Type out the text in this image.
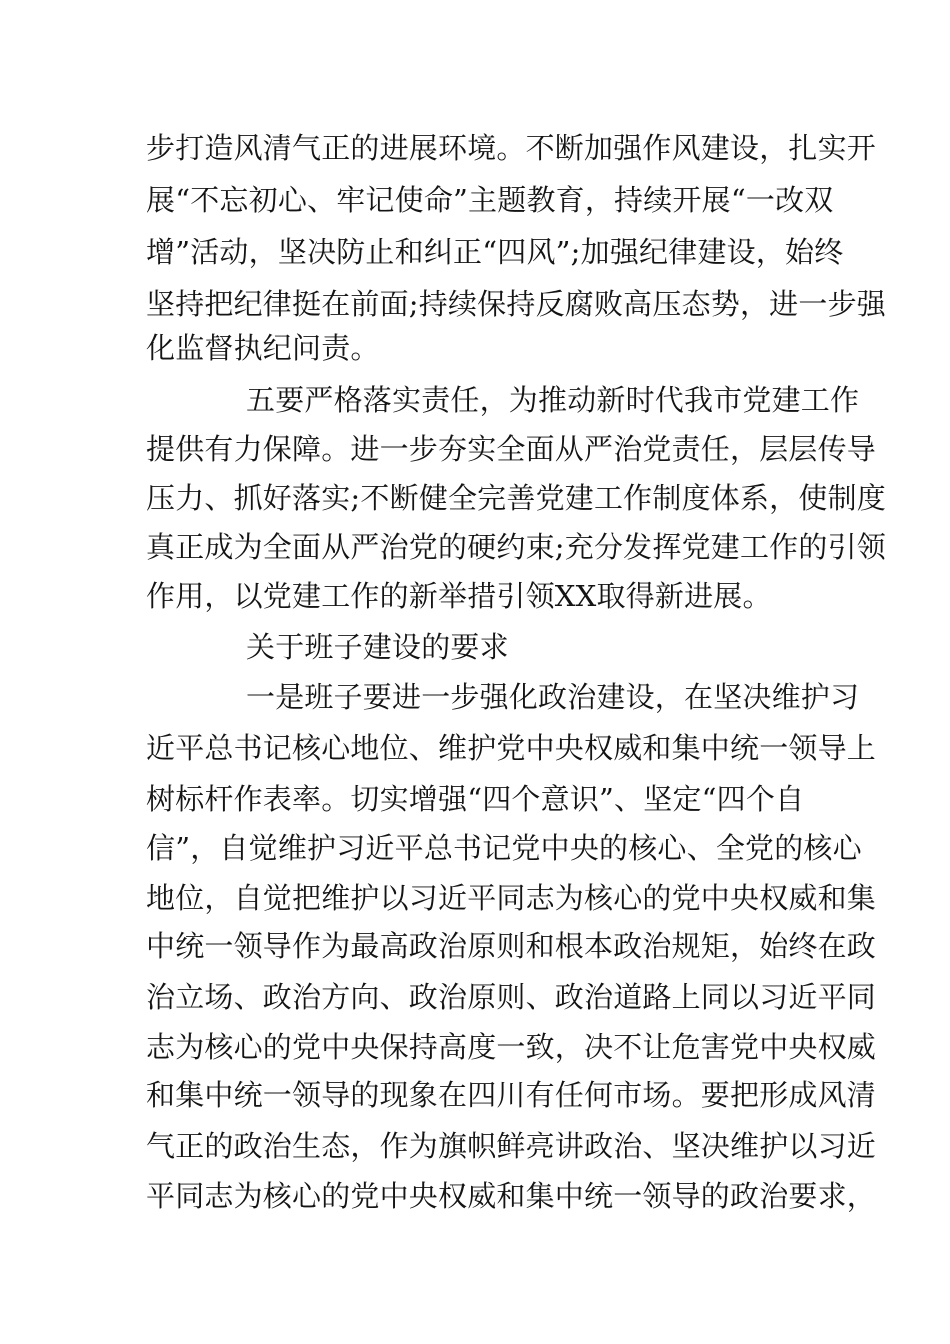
步打造风清气正的进展环境。不断加强作风建设，扎实开
展“不忘初心、牢记使命”主题教育，持续开展“一改双
增”活动，坚决防止和纠正“四风”;加强纪律建设，始终
坚持把纪律挺在前面;持续保持反腐败高压态势，进一步强
化监督执纪问责。
五要严格落实责任，为推动新时代我市党建工作
提供有力保障。进一步夯实全面从严治党责任，层层传导
压力、抓好落实;不断健全完善党建工作制度体系，使制度
真正成为全面从严治党的硬约束;充分发挥党建工作的引领
作用，以党建工作的新举措引领XX取得新进展。
关于班子建设的要求
一是班子要进一步强化政治建设，在坚决维护习
近平总书记核心地位、维护党中央权威和集中统一领导上
树标杆作表率。切实增强“四个意识”、坚定“四个自
信”，自觉维护习近平总书记党中央的核心、全党的核心
地位，自觉把维护以习近平同志为核心的党中央权威和集
中统一领导作为最高政治原则和根本政治规矩，始终在政
治立场、政治方向、政治原则、政治道路上同以习近平同
志为核心的党中央保持高度一致，决不让危害党中央权威
和集中统一领导的现象在四川有任何市场。要把形成风清
气正的政治生态，作为旗帜鲜亮讲政治、坚决维护以习近
平同志为核心的党中央权威和集中统一领导的政治要求，
